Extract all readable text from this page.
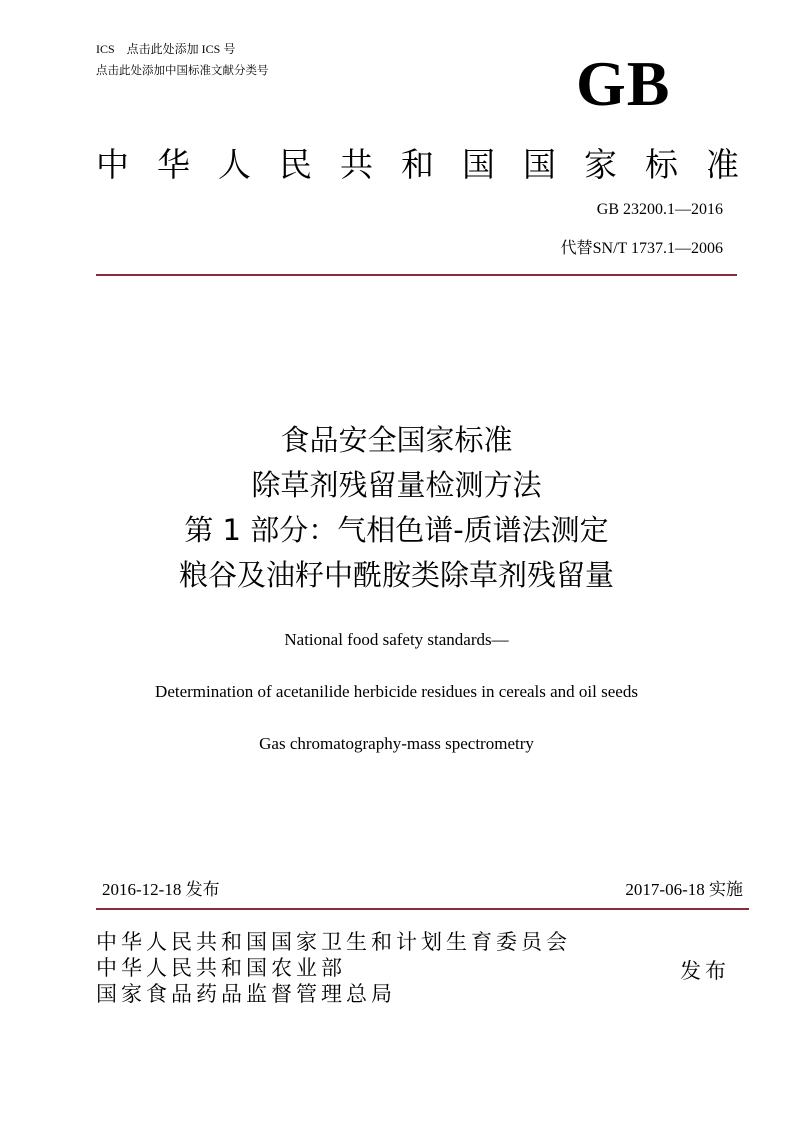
ICS　点击此处添加 ICS 号
点击此处添加中国标准文献分类号	GB
中 华 人 民 共 和 国 国 家 标 准
GB 23200.1—2016
代替SN/T 1737.1—2006
食品安全国家标准
除草剂残留量检测方法
第 1 部分：气相色谱-质谱法测定
粮谷及油籽中酰胺类除草剂残留量
National food safety standards—
Determination of acetanilide herbicide residues in cereals and oil seeds
Gas chromatography-mass spectrometry
2016-12-18 发布	2017-06-18 实施
中华人民共和国国家卫生和计划生育委员会
中华人民共和国农业部
国家食品药品监督管理总局
发布
